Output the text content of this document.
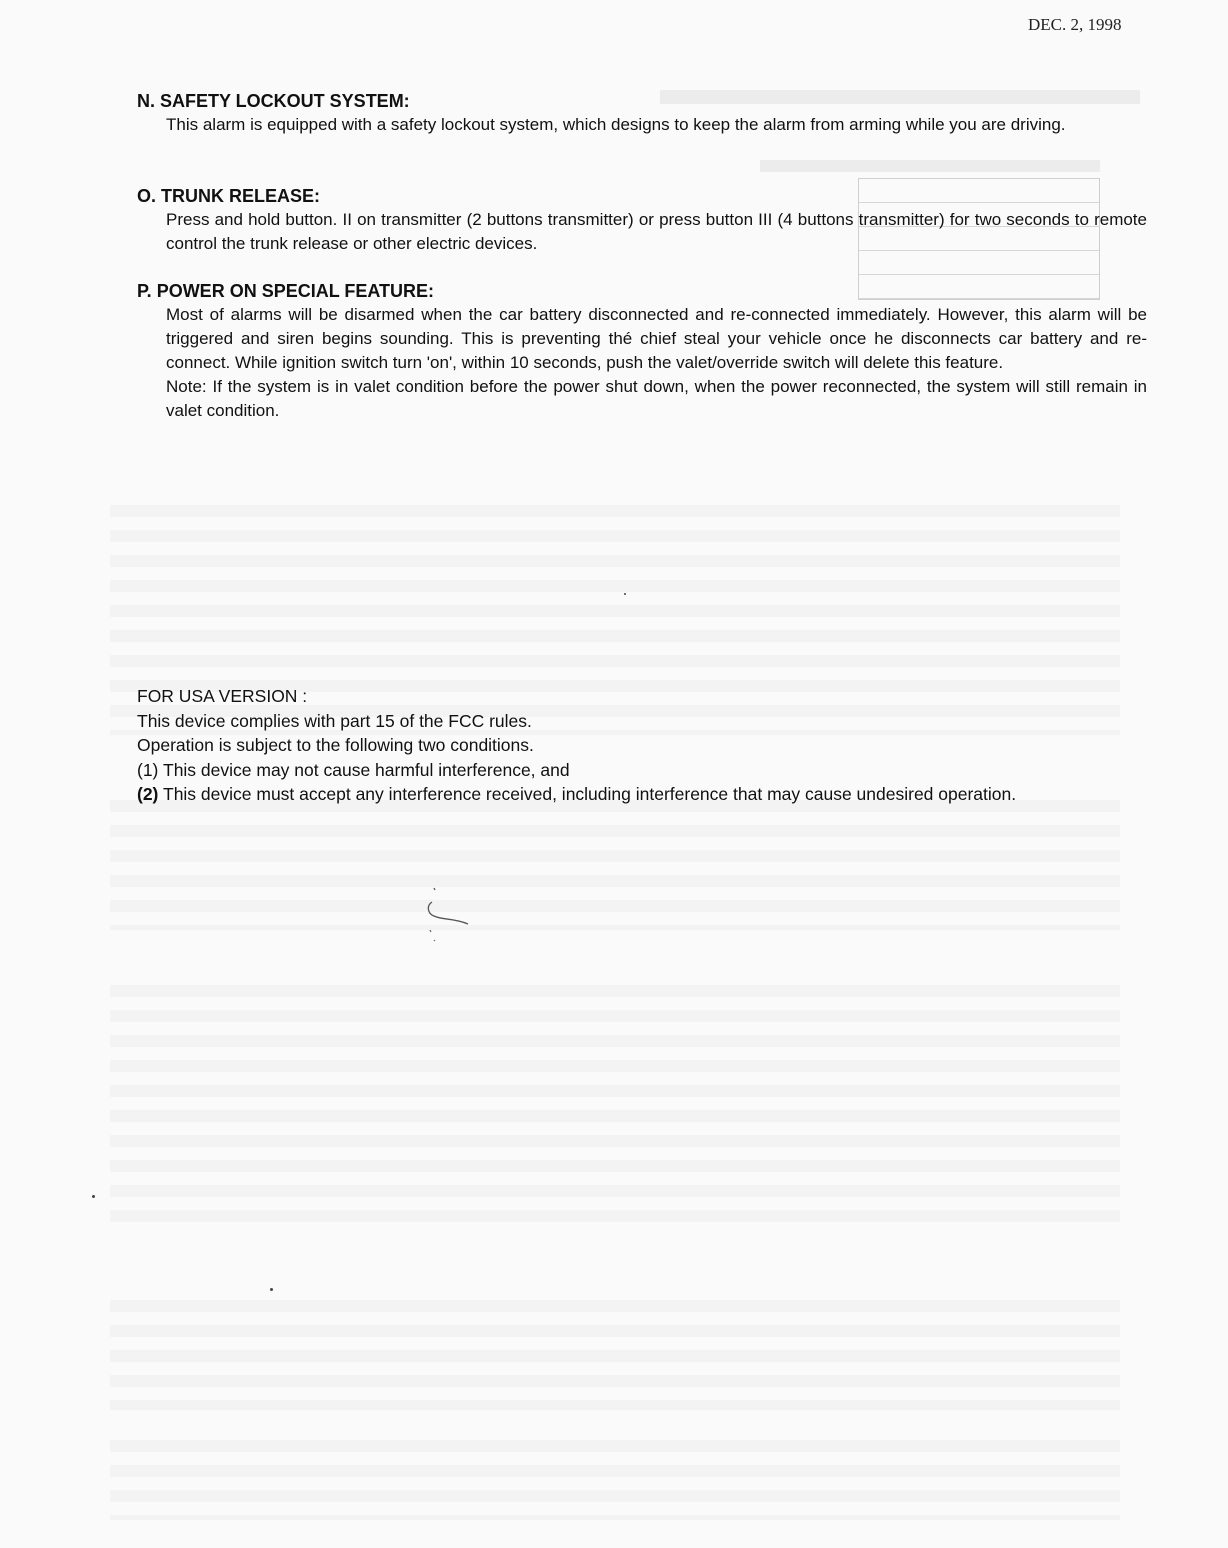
DEC. 2, 1998

N. SAFETY LOCKOUT SYSTEM:

This alarm is equipped with a safety lockout system, which designs to keep the alarm from arming while you are driving.

O. TRUNK RELEASE:

Press and hold button. II on transmitter (2 buttons transmitter) or press button III (4 buttons transmitter) for two seconds to remote control the trunk release or other electric devices.

P. POWER ON SPECIAL FEATURE:

Most of alarms will be disarmed when the car battery disconnected and re-connected immediately. However, this alarm will be triggered and siren begins sounding. This is preventing thé chief steal your vehicle once he disconnects car battery and re-connect. While ignition switch turn 'on', within 10 seconds, push the valet/override switch will delete this feature.

Note: If the system is in valet condition before the power shut down, when the power reconnected, the system will still remain in valet condition.

FOR USA VERSION :

This device complies with part 15 of the FCC rules.

Operation is subject to the following two conditions.

(1) This device may not cause harmful interference, and
(2) This device must accept any interference received, including interference that may cause undesired operation.
